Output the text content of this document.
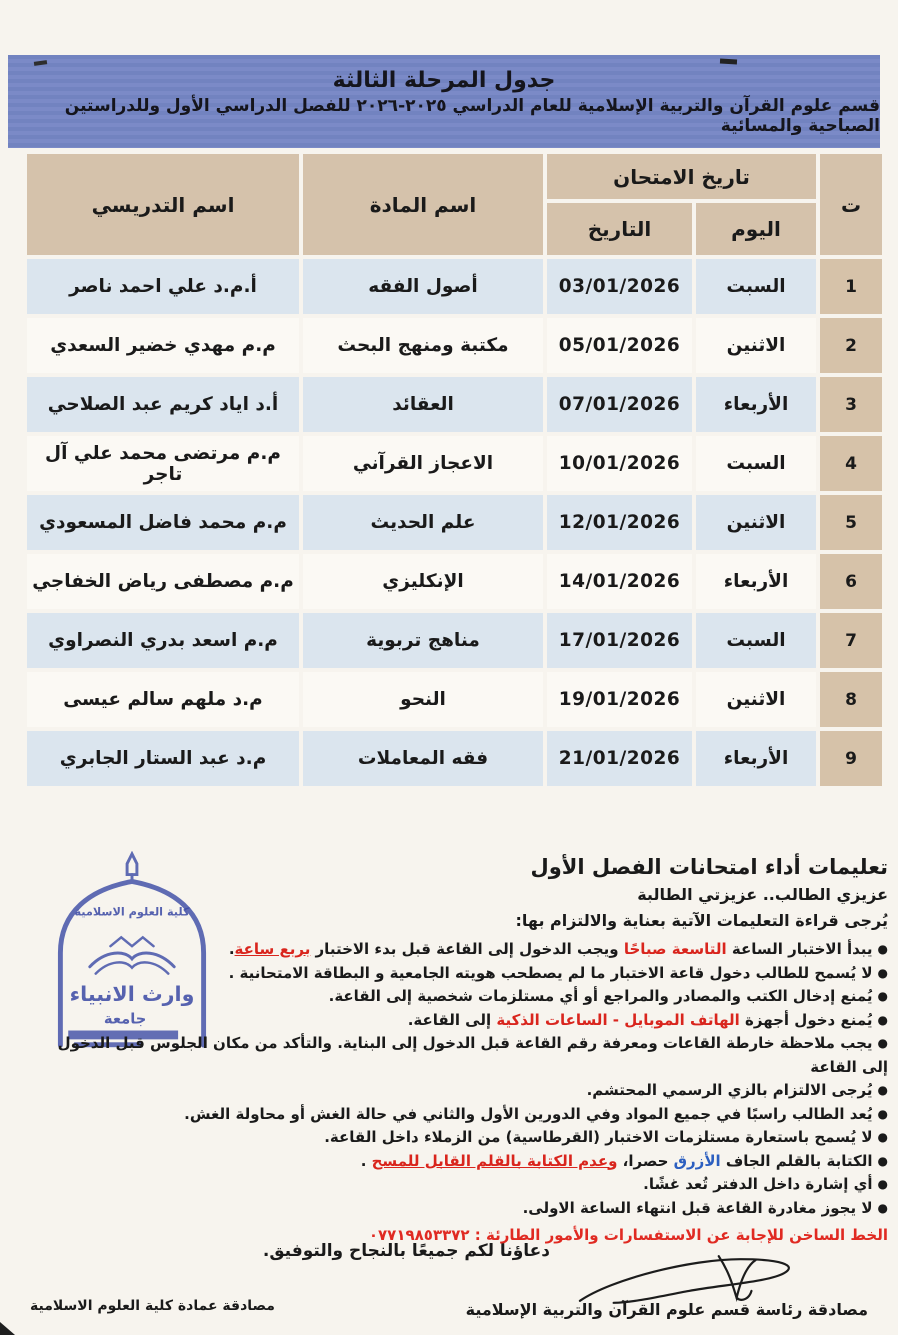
جدول المرحلة الثالثة
قسم علوم القرآن والتربية الإسلامية للعام الدراسي ٢٠٢٥-٢٠٢٦ للفصل الدراسي الأول وللدراستين الصباحية والمسائية
ت	تاريخ الامتحان		اسم المادة	اسم التدريسي
	اليوم	التاريخ		
1	السبت	03/01/2026	أصول الفقه	أ.م.د علي احمد ناصر
2	الاثنين	05/01/2026	مكتبة ومنهج البحث	م.م مهدي خضير السعدي
3	الأربعاء	07/01/2026	العقائد	أ.د اياد كريم عبد الصلاحي
4	السبت	10/01/2026	الاعجاز القرآني	م.م مرتضى محمد علي آل تاجر
5	الاثنين	12/01/2026	علم الحديث	م.م محمد فاضل المسعودي
6	الأربعاء	14/01/2026	الإنكليزي	م.م مصطفى رياض الخفاجي
7	السبت	17/01/2026	مناهج تربوية	م.م اسعد بدري النصراوي
8	الاثنين	19/01/2026	النحو	م.د ملهم سالم عيسى
9	الأربعاء	21/01/2026	فقه المعاملات	م.د عبد الستار الجابري
تعليمات أداء امتحانات الفصل الأول

عزيزي الطالب.. عزيزتي الطالبة

يُرجى قراءة التعليمات الآتية بعناية والالتزام بها:

●يبدأ الاختبار الساعة التاسعة صباحًا ويجب الدخول إلى القاعة قبل بدء الاختبار بربع ساعة.
●لا يُسمح للطالب دخول قاعة الاختبار ما لم يصطحب هويته الجامعية و البطاقة الامتحانية .
●يُمنع إدخال الكتب والمصادر والمراجع أو أي مستلزمات شخصية إلى القاعة.
●يُمنع دخول أجهزة الهاتف الموبايل - الساعات الذكية إلى القاعة.
●يجب ملاحظة خارطة القاعات ومعرفة رقم القاعة قبل الدخول إلى البناية. والتأكد من مكان الجلوس قبل الدخول إلى القاعة
●يُرجى الالتزام بالزي الرسمي المحتشم.
●يُعد الطالب راسبًا في جميع المواد وفي الدورين الأول والثاني في حالة الغش أو محاولة الغش.
●لا يُسمح باستعارة مستلزمات الاختبار (القرطاسية) من الزملاء داخل القاعة.
●الكتابة بالقلم الجاف الأزرق حصرا، وعدم الكتابة بالقلم القابل للمسح .
●أي إشارة داخل الدفتر تُعد غشًا.
●لا يجوز مغادرة القاعة قبل انتهاء الساعة الاولى.

الخط الساخن للإجابة عن الاستفسارات والأمور الطارئة : ٠٧٧١٩٨٥٣٣٧٢

كلية العلوم الاسلامية
وارث الانبياء
جامعة

دعاؤنا لكم جميعًا بالنجاح والتوفيق.

مصادقة رئاسة قسم علوم القرآن والتربية الإسلامية

مصادقة عمادة كلية العلوم الاسلامية
